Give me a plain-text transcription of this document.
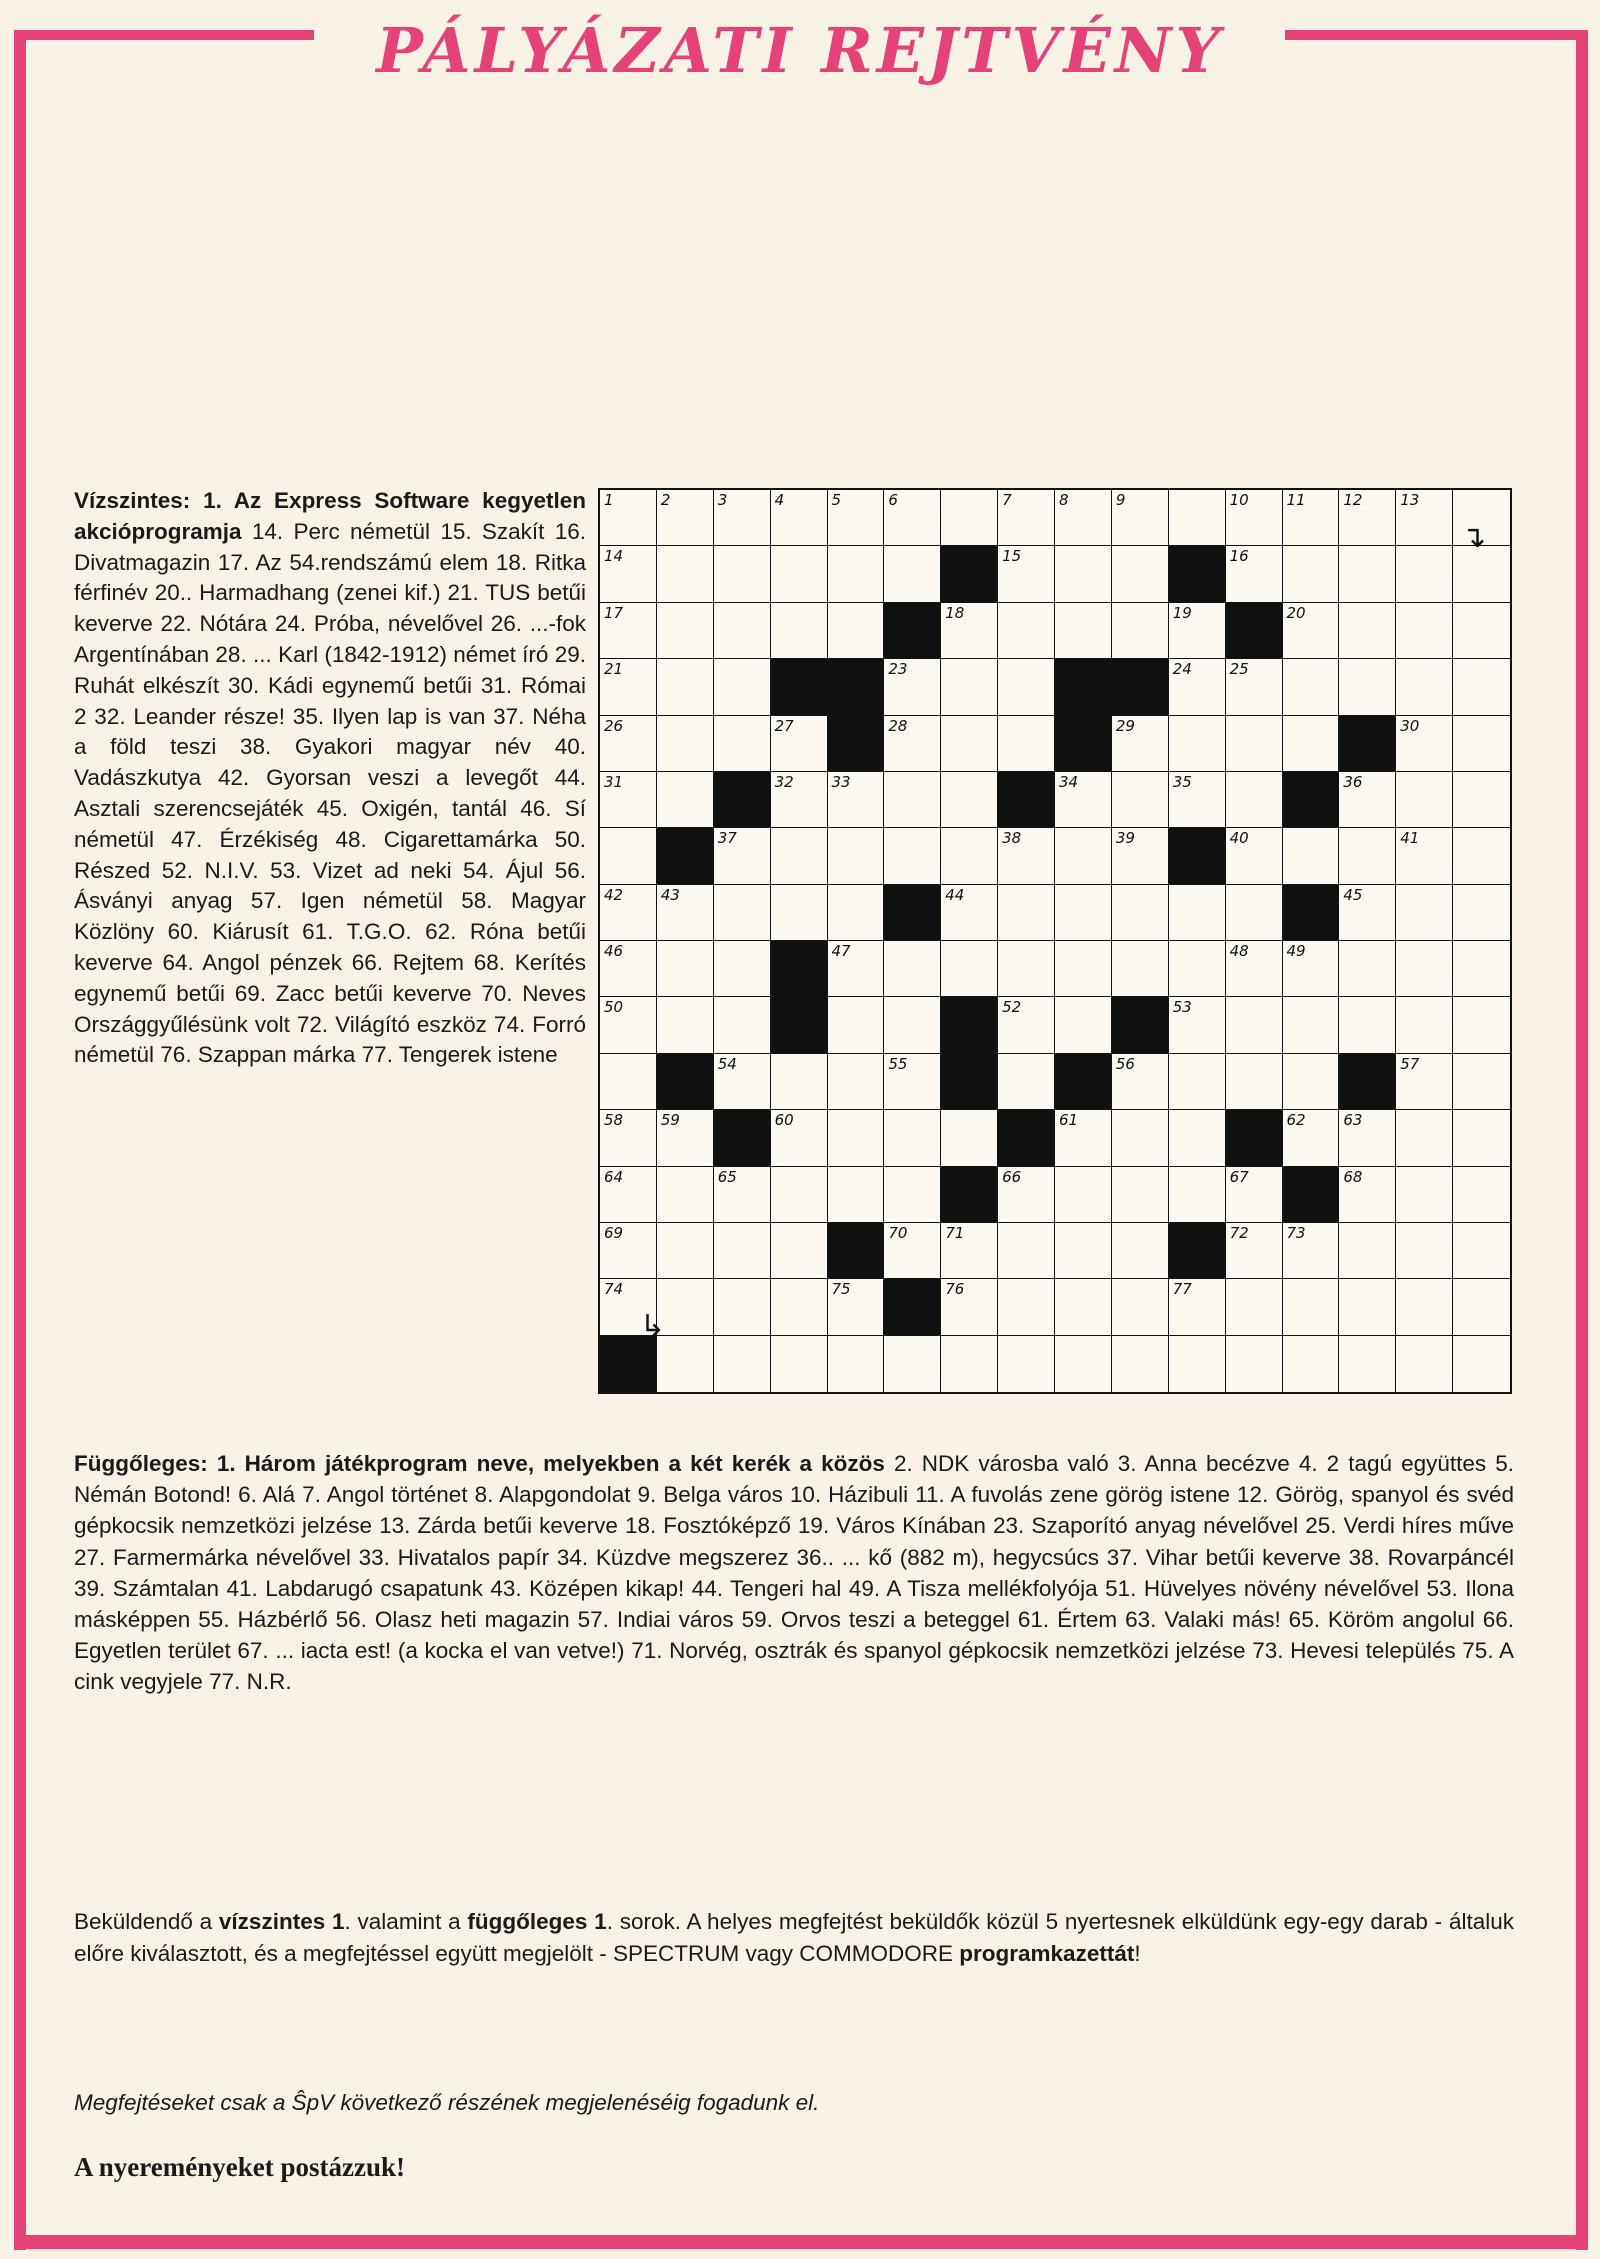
PÁLYÁZATI REJTVÉNY
Vízszintes: 1. Az Express Software kegyetlen akcióprogramja 14. Perc németül 15. Szakít 16. Divatmagazin 17. Az 54.rendszámú elem 18. Ritka férfinév 20.. Harmadhang (zenei kif.) 21. TUS betűi keverve 22. Nótára 24. Próba, névelővel 26. ...-fok Argentínában 28. ... Karl (1842-1912) német író 29. Ruhát elkészít 30. Kádi egynemű betűi 31. Római 2 32. Leander része! 35. Ilyen lap is van 37. Néha a föld teszi 38. Gyakori magyar név 40. Vadászkutya 42. Gyorsan veszi a levegőt 44. Asztali szerencsejáték 45. Oxigén, tantál 46. Sí németül 47. Érzékiség 48. Cigarettamárka 50. Részed 52. N.I.V. 53. Vizet ad neki 54. Ájul 56. Ásványi anyag 57. Igen németül 58. Magyar Közlöny 60. Kiárusít 61. T.G.O. 62. Róna betűi keverve 64. Angol pénzek 66. Rejtem 68. Kerítés egynemű betűi 69. Zacc betűi keverve 70. Neves Országgyűlésünk volt 72. Világító eszköz 74. Forró németül 76. Szappan márka 77. Tengerek istene
1	2	3	4	5	6	7	8	9	10	11	12	13
14	15	16
17	18	19	20
21	22	23	24	25
26	27	28	29	30
31	32	33	34	35	36
37	38	39	40	41
42	43	44	45
46	47	48	49
50	51	52	53
54	55	56	57
58	59	60	61	62	63
64	65	66	67	68
69	70	71	72	73
74	75	76	77
↴
↳
Függőleges: 1. Három játékprogram neve, melyekben a két kerék a közös 2. NDK városba való 3. Anna becézve 4. 2 tagú együttes 5. Némán Botond! 6. Alá 7. Angol történet 8. Alapgondolat 9. Belga város 10. Házibuli 11. A fuvolás zene görög istene 12. Görög, spanyol és svéd gépkocsik nemzetközi jelzése 13. Zárda betűi keverve 18. Fosztóképző 19. Város Kínában 23. Szaporító anyag névelővel 25. Verdi híres műve 27. Farmermárka névelővel 33. Hivatalos papír 34. Küzdve megszerez 36.. ... kő (882 m), hegycsúcs 37. Vihar betűi keverve 38. Rovarpáncél 39. Számtalan 41. Labdarugó csapatunk 43. Középen kikap! 44. Tengeri hal 49. A Tisza mellékfolyója 51. Hüvelyes növény névelővel 53. Ilona másképpen 55. Házbérlő 56. Olasz heti magazin 57. Indiai város 59. Orvos teszi a beteggel 61. Értem 63. Valaki más! 65. Köröm angolul 66. Egyetlen terület 67. ... iacta est! (a kocka el van vetve!) 71. Norvég, osztrák és spanyol gépkocsik nemzetközi jelzése 73. Hevesi település 75. A cink vegyjele 77. N.R.
Beküldendő a vízszintes 1. valamint a függőleges 1. sorok. A helyes megfejtést beküldők közül 5 nyertesnek elküldünk egy-egy darab - általuk előre kiválasztott, és a megfejtéssel együtt megjelölt - SPECTRUM vagy COMMODORE programkazettát!
Megfejtéseket csak a ŜpV következő részének megjelenéséig fogadunk el.
A nyereményeket postázzuk!
